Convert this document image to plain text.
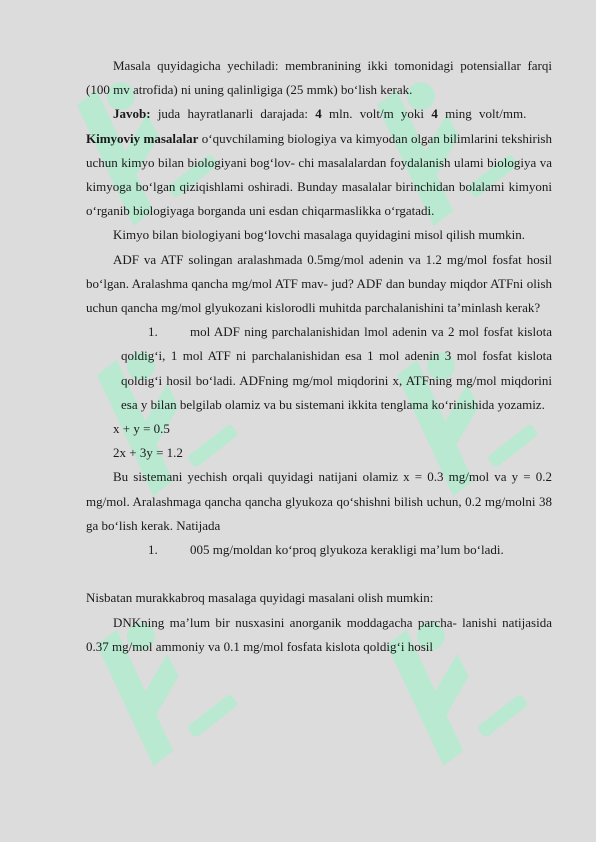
Masala quyidagicha yechiladi: membranining ikki tomonidagi potensiallar farqi (100 mv atrofida) ni uning qalinligiga (25 mmk) bo‘lish kerak.

Javob: juda hayratlanarli darajada: 4 mln. volt/m yoki 4 ming volt/mm.

Kimyoviy masalalar o‘quvchilaming biologiya va kimyodan olgan bilimlarini tekshirish uchun kimyo bilan biologiyani bog‘lov- chi masalalardan foydalanish ulami biologiya va kimyoga bo‘lgan qiziqishlami oshiradi. Bunday masalalar birinchidan bolalami kimyoni o‘rganib biologiyaga borganda uni esdan chiqarmaslikka o‘rgatadi.

Kimyo bilan biologiyani bog‘lovchi masalaga quyidagini misol qilish mumkin.

ADF va ATF solingan aralashmada 0.5mg/mol adenin va 1.2 mg/mol fosfat hosil bo‘lgan. Aralashma qancha mg/mol ATF mav- jud? ADF dan bunday miqdor ATFni olish uchun qancha mg/mol glyukozani kislorodli muhitda parchalanishini ta’minlash kerak?

1. mol ADF ning parchalanishidan lmol adenin va 2 mol fosfat kislota qoldig‘i, 1 mol ATF ni parchalanishidan esa 1 mol adenin 3 mol fosfat kislota qoldig‘i hosil bo‘ladi. ADFning mg/mol miqdorini x, ATFning mg/mol miqdorini esa y bilan belgilab olamiz va bu sistemani ikkita tenglama ko‘rinishida yozamiz.

x + y = 0.5

2x + 3y = 1.2

Bu sistemani yechish orqali quyidagi natijani olamiz x = 0.3 mg/mol va y = 0.2 mg/mol. Aralashmaga qancha qancha glyukoza qo‘shishni bilish uchun, 0.2 mg/molni 38 ga bo‘lish kerak. Natijada

1. 005 mg/moldan ko‘proq glyukoza kerakligi ma’lum bo‘ladi.

Nisbatan murakkabroq masalaga quyidagi masalani olish mumkin:

DNKning ma’lum bir nusxasini anorganik moddagacha parcha- lanishi natijasida 0.37 mg/mol ammoniy va 0.1 mg/mol fosfata kislota qoldig‘i hosil
